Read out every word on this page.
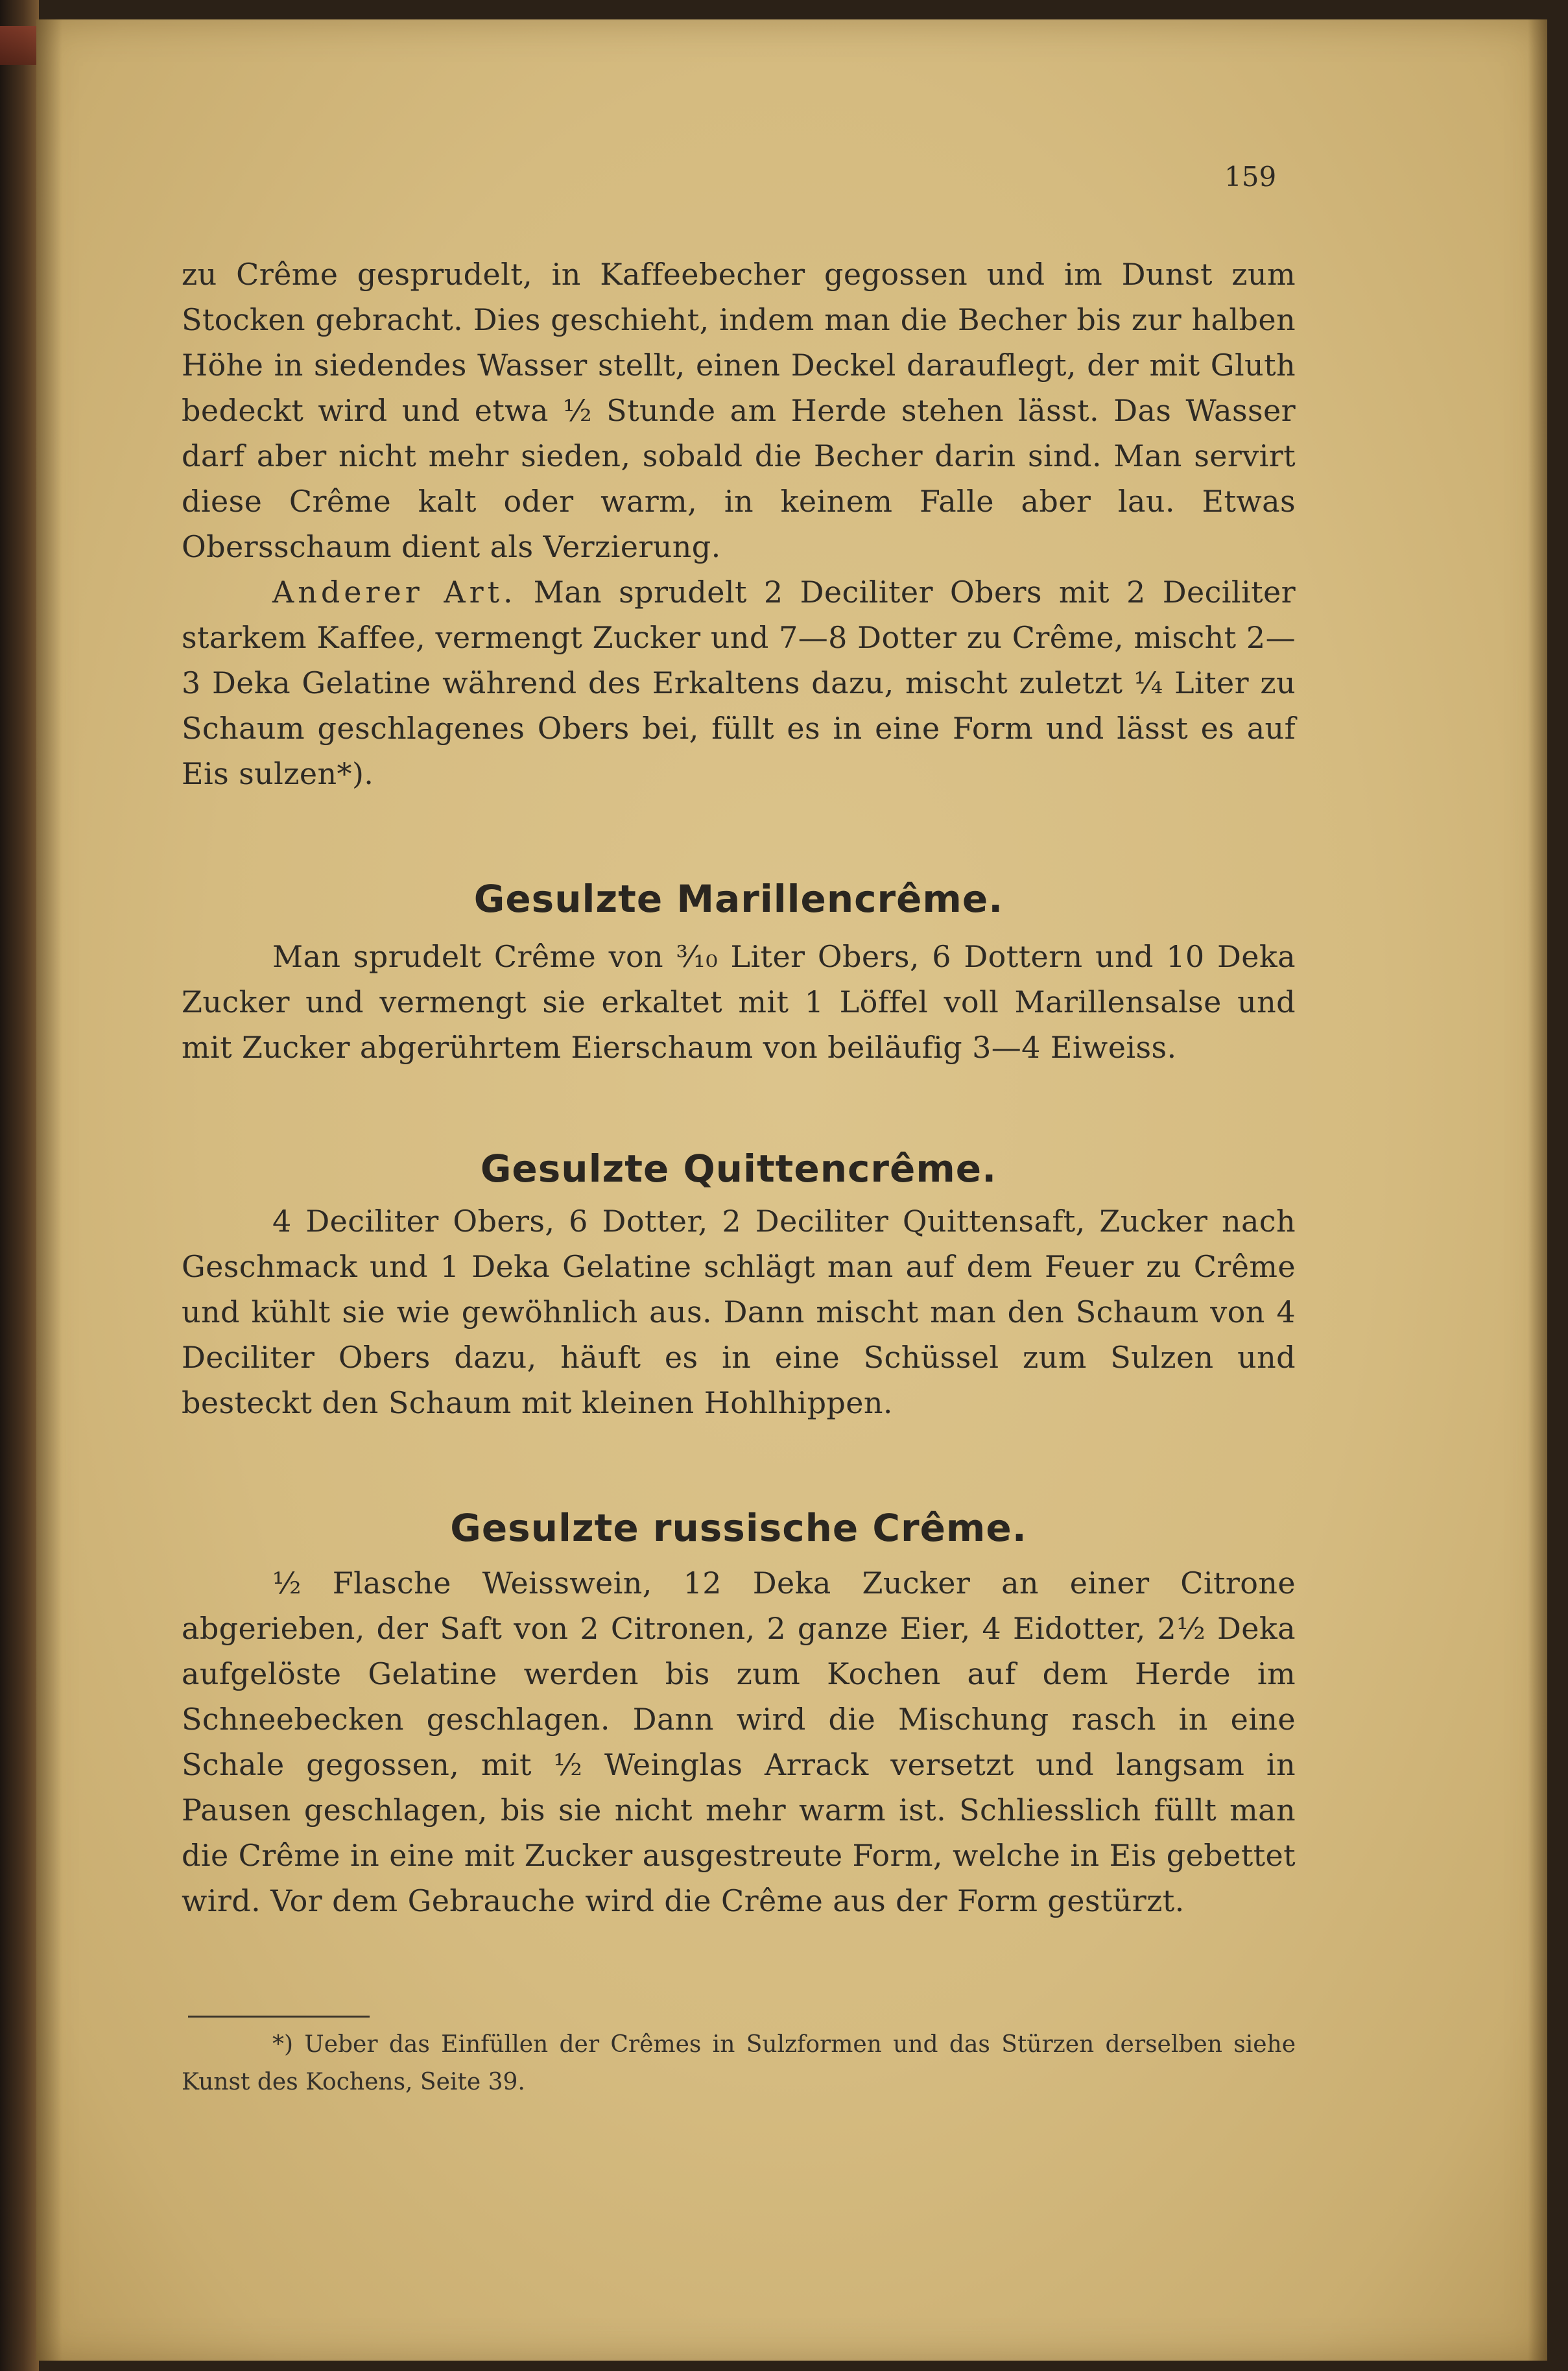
159

zu Crême gesprudelt, in Kaffeebecher gegossen und im Dunst zum Stocken gebracht. Dies geschieht, indem man die Becher bis zur halben Höhe in siedendes Wasser stellt, einen Deckel darauflegt, der mit Gluth bedeckt wird und etwa ½ Stunde am Herde stehen lässt. Das Wasser darf aber nicht mehr sieden, sobald die Becher darin sind. Man servirt diese Crême kalt oder warm, in keinem Falle aber lau. Etwas Obersschaum dient als Verzierung.

Anderer Art. Man sprudelt 2 Deciliter Obers mit 2 Deciliter starkem Kaffee, vermengt Zucker und 7—8 Dotter zu Crême, mischt 2—3 Deka Gelatine während des Erkaltens dazu, mischt zuletzt ¼ Liter zu Schaum geschlagenes Obers bei, füllt es in eine Form und lässt es auf Eis sulzen*).

Gesulzte Marillencrême.

Man sprudelt Crême von ³⁄₁₀ Liter Obers, 6 Dottern und 10 Deka Zucker und vermengt sie erkaltet mit 1 Löffel voll Marillensalse und mit Zucker abgerührtem Eierschaum von beiläufig 3—4 Eiweiss.

Gesulzte Quittencrême.

4 Deciliter Obers, 6 Dotter, 2 Deciliter Quittensaft, Zucker nach Geschmack und 1 Deka Gelatine schlägt man auf dem Feuer zu Crême und kühlt sie wie gewöhnlich aus. Dann mischt man den Schaum von 4 Deciliter Obers dazu, häuft es in eine Schüssel zum Sulzen und besteckt den Schaum mit kleinen Hohlhippen.

Gesulzte russische Crême.

½ Flasche Weisswein, 12 Deka Zucker an einer Citrone abgerieben, der Saft von 2 Citronen, 2 ganze Eier, 4 Eidotter, 2½ Deka aufgelöste Gelatine werden bis zum Kochen auf dem Herde im Schneebecken geschlagen. Dann wird die Mischung rasch in eine Schale gegossen, mit ½ Weinglas Arrack versetzt und langsam in Pausen geschlagen, bis sie nicht mehr warm ist. Schliesslich füllt man die Crême in eine mit Zucker ausgestreute Form, welche in Eis gebettet wird. Vor dem Gebrauche wird die Crême aus der Form gestürzt.

*) Ueber das Einfüllen der Crêmes in Sulzformen und das Stürzen derselben siehe Kunst des Kochens, Seite 39.
